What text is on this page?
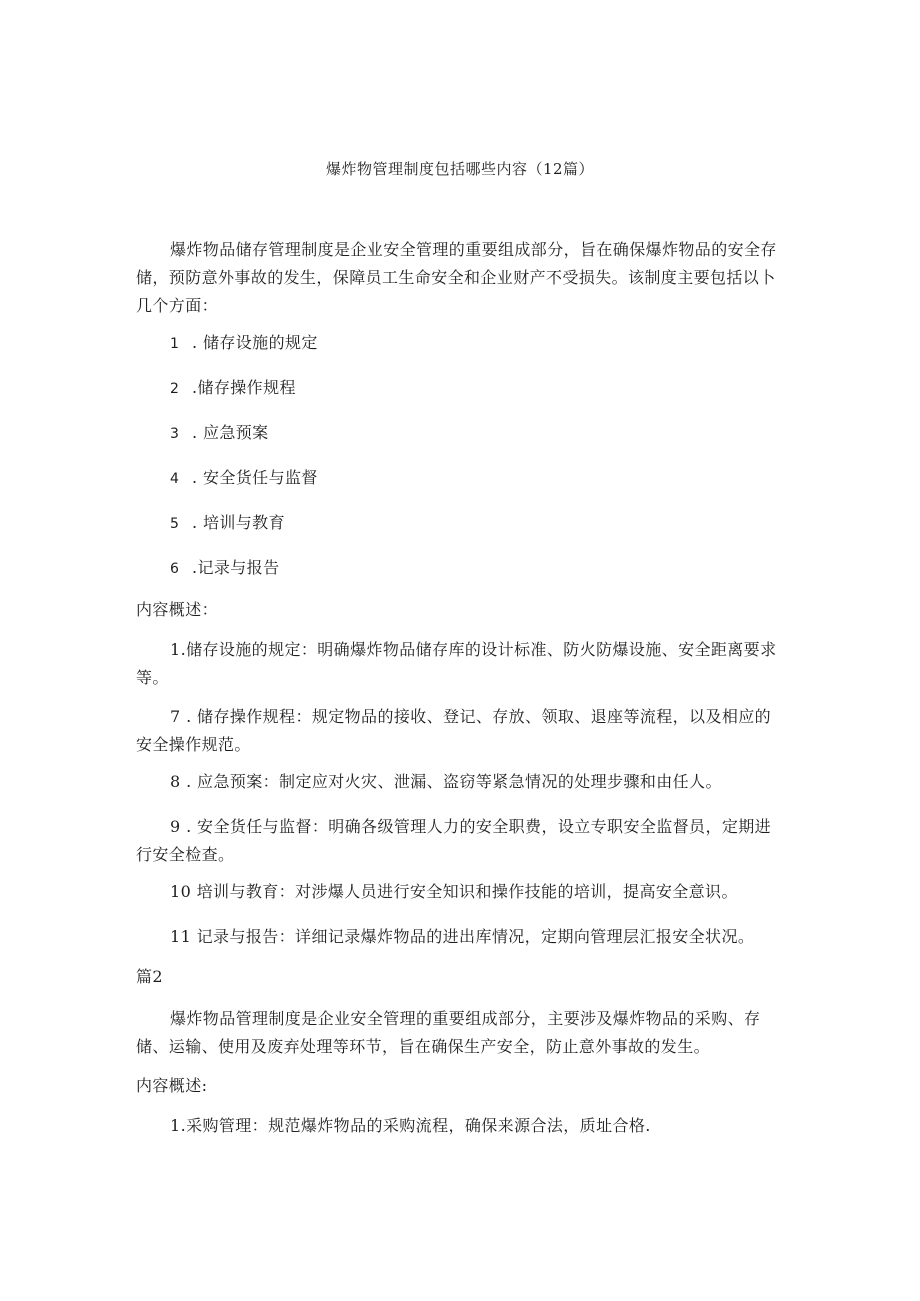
爆炸物管理制度包括哪些内容（12篇）
爆炸物品储存管理制度是企业安全管理的重要组成部分，旨在确保爆炸物品的安全存储，预防意外事故的发生，保障员工生命安全和企业财产不受损失。该制度主要包括以卜几个方面：
1 . 储存设施的规定
2 .储存操作规程
3 . 应急预案
4 . 安全货任与监督
5 . 培训与教育
6 .记录与报告
内容概述：
1.储存设施的规定：明确爆炸物品储存库的设计标准、防火防爆设施、安全距离要求等。
7 . 储存操作规程：规定物品的接收、登记、存放、领取、退座等流程，以及相应的安全操作规范。
8 . 应急预案：制定应对火灾、泄漏、盗窃等紧急情况的处理步骤和由任人。
9 . 安全货任与监督：明确各级管理人力的安全职费，设立专职安全监督员，定期进行安全检查。
10 培训与教育：对涉爆人员进行安全知识和操作技能的培训，提高安全意识。
11 记录与报告：详细记录爆炸物品的进出库情况，定期向管理层汇报安全状况。
篇2
爆炸物品管理制度是企业安全管理的重要组成部分，主要涉及爆炸物品的采购、存储、运输、使用及废弃处理等环节，旨在确保生产安全，防止意外事故的发生。
内容概述:
1.采购管理：规范爆炸物品的采购流程，确保来源合法，质址合格.
